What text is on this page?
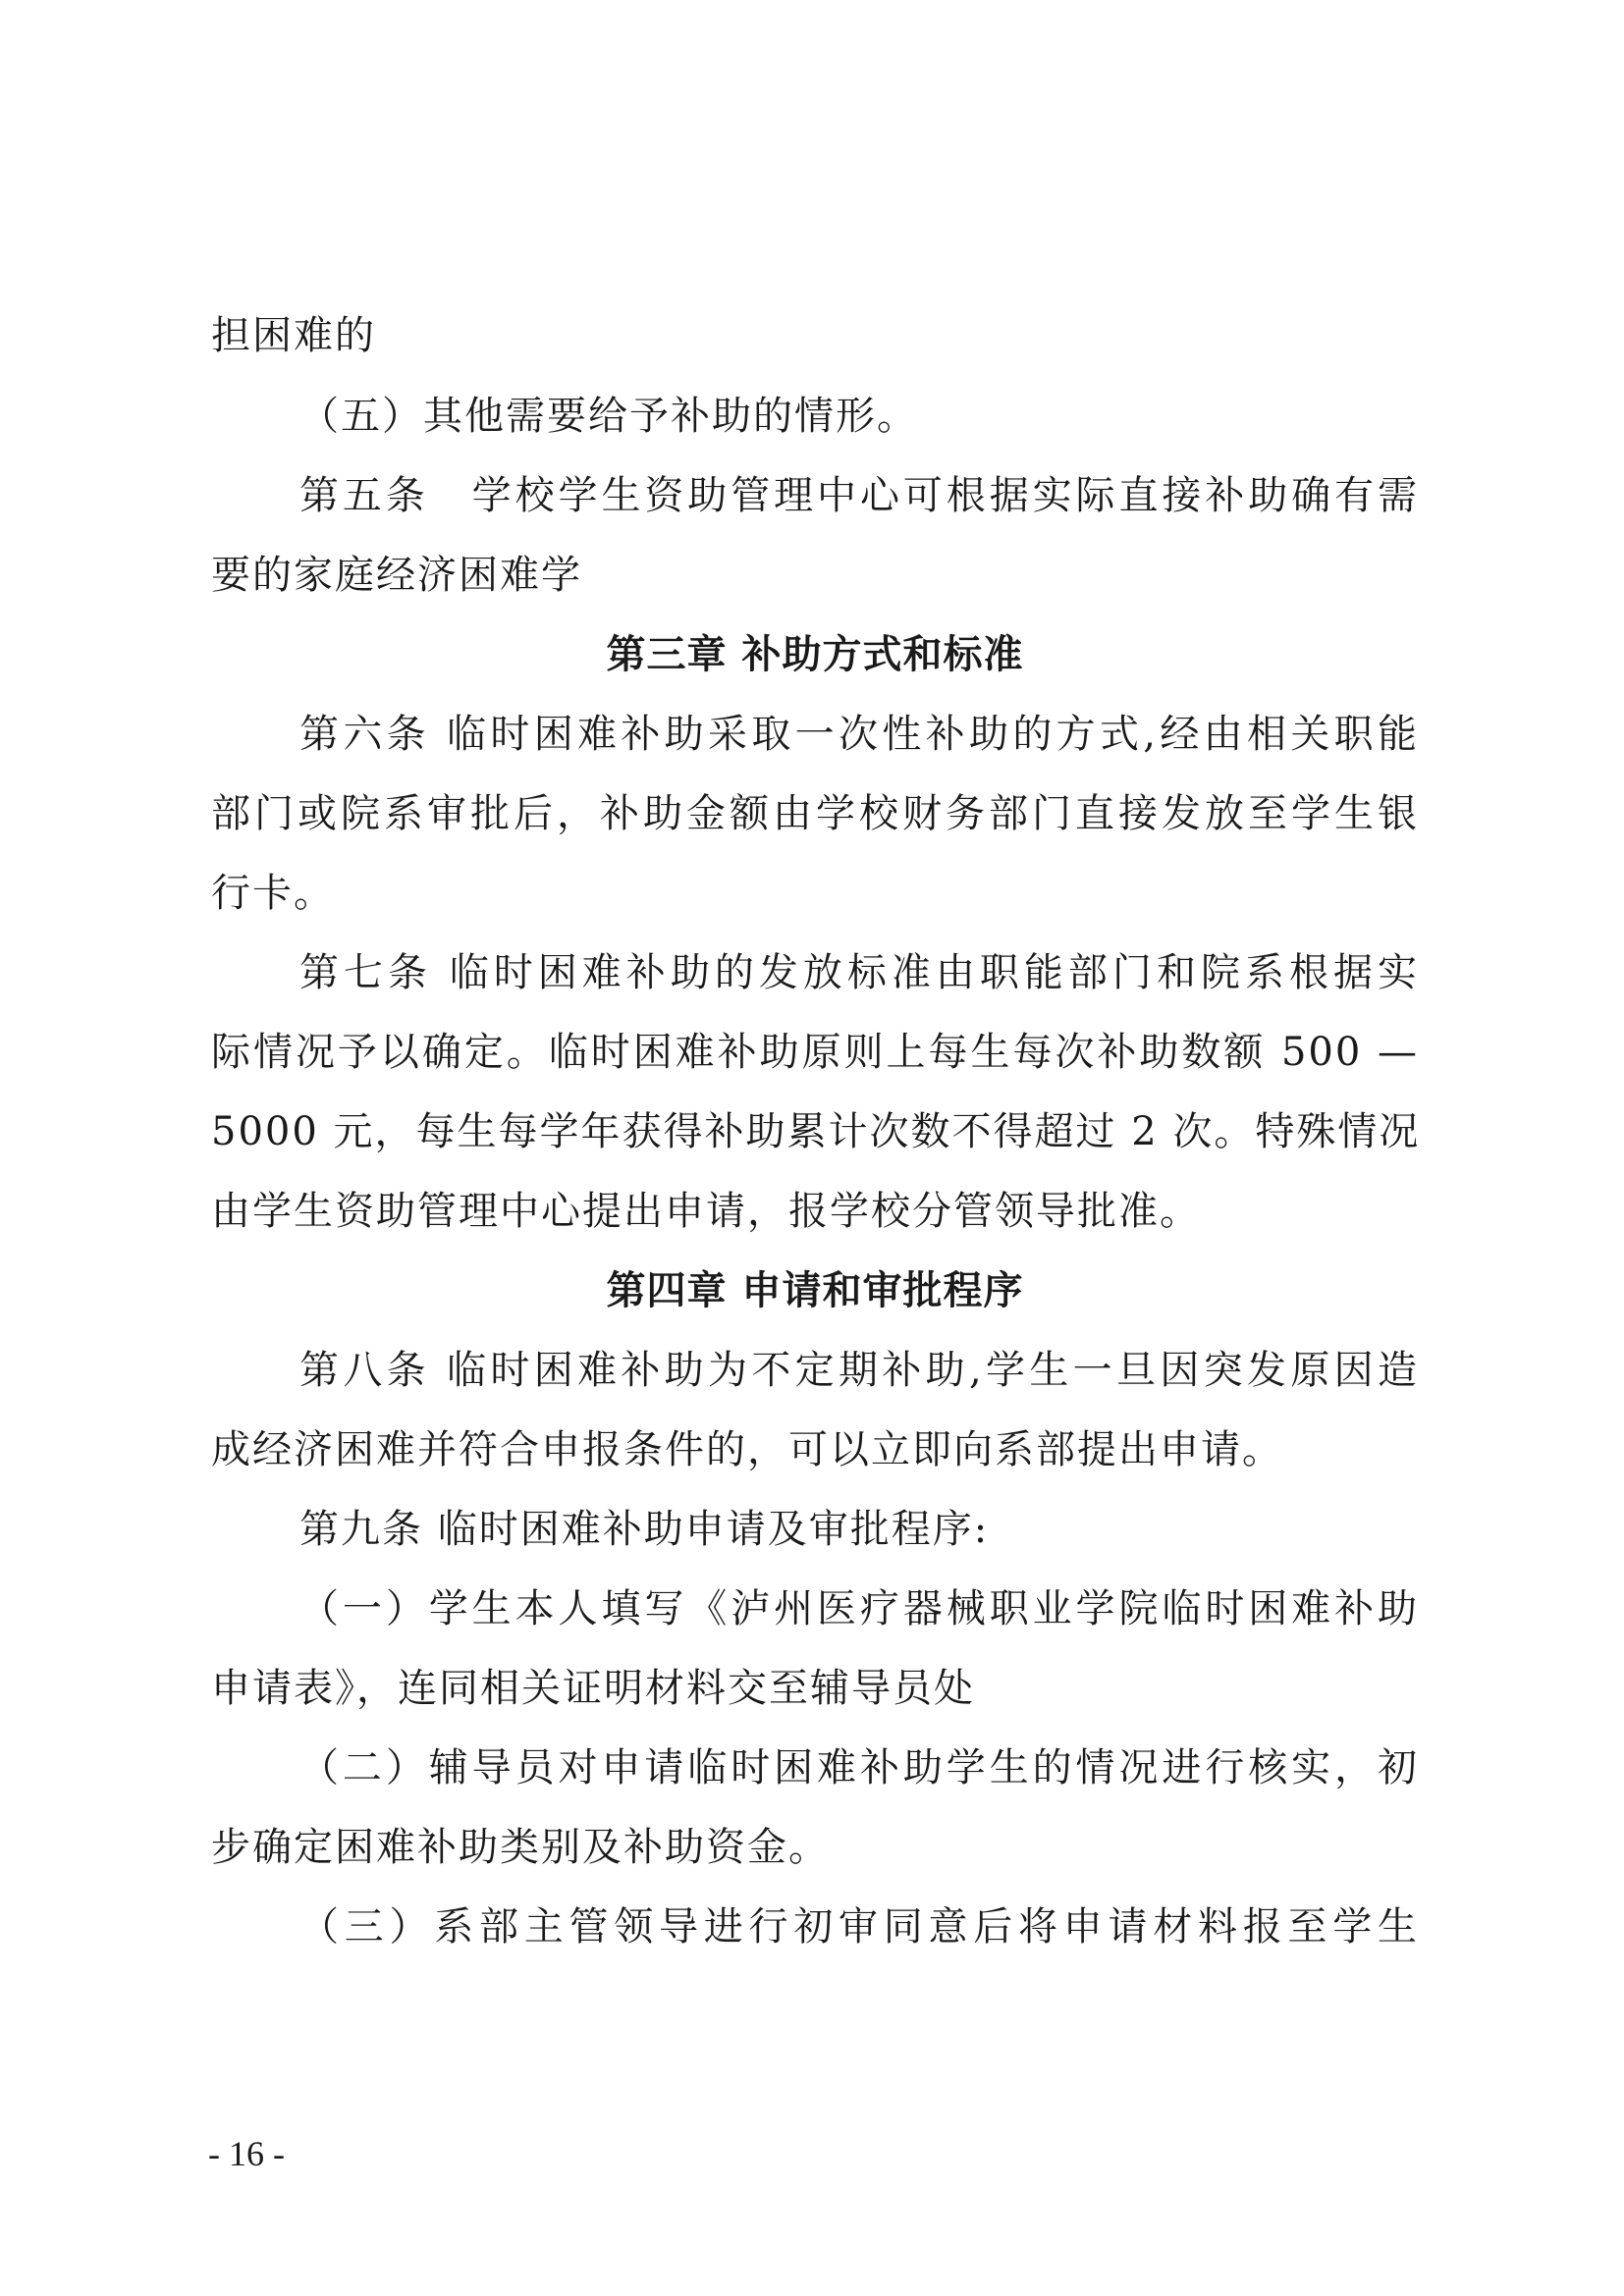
担困难的
（五）其他需要给予补助的情形。
第五条　学校学生资助管理中心可根据实际直接补助确有需
要的家庭经济困难学
第三章 补助方式和标准
第六条 临时困难补助采取一次性补助的方式,经由相关职能
部门或院系审批后，补助金额由学校财务部门直接发放至学生银
行卡。
第七条 临时困难补助的发放标准由职能部门和院系根据实
际情况予以确定。临时困难补助原则上每生每次补助数额 500 —
5000 元，每生每学年获得补助累计次数不得超过 2 次。特殊情况
由学生资助管理中心提出申请，报学校分管领导批准。
第四章 申请和审批程序
第八条 临时困难补助为不定期补助,学生一旦因突发原因造
成经济困难并符合申报条件的，可以立即向系部提出申请。
第九条 临时困难补助申请及审批程序:
（一）学生本人填写《泸州医疗器械职业学院临时困难补助
申请表》，连同相关证明材料交至辅导员处
（二）辅导员对申请临时困难补助学生的情况进行核实，初
步确定困难补助类别及补助资金。
（三）系部主管领导进行初审同意后将申请材料报至学生
- 16 -
